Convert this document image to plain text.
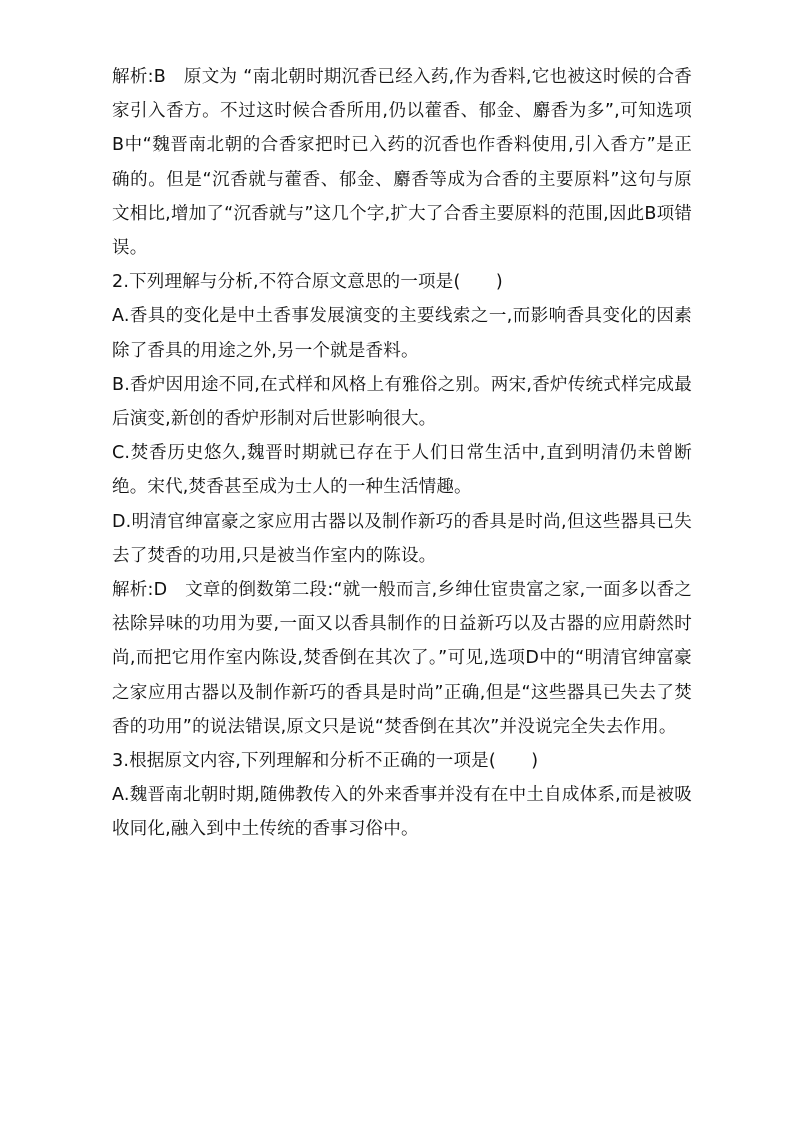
解析:B　原文为 “南北朝时期沉香已经入药,作为香料,它也被这时候的合香家引入香方。不过这时候合香所用,仍以藿香、郁金、麝香为多”,可知选项B中“魏晋南北朝的合香家把时已入药的沉香也作香料使用,引入香方”是正确的。但是“沉香就与藿香、郁金、麝香等成为合香的主要原料”这句与原文相比,增加了“沉香就与”这几个字,扩大了合香主要原料的范围,因此B项错误。

2.下列理解与分析,不符合原文意思的一项是(　　)

A.香具的变化是中土香事发展演变的主要线索之一,而影响香具变化的因素除了香具的用途之外,另一个就是香料。

B.香炉因用途不同,在式样和风格上有雅俗之别。两宋,香炉传统式样完成最后演变,新创的香炉形制对后世影响很大。

C.焚香历史悠久,魏晋时期就已存在于人们日常生活中,直到明清仍未曾断绝。宋代,焚香甚至成为士人的一种生活情趣。

D.明清官绅富豪之家应用古器以及制作新巧的香具是时尚,但这些器具已失去了焚香的功用,只是被当作室内的陈设。

解析:D　文章的倒数第二段:“就一般而言,乡绅仕宦贵富之家,一面多以香之祛除异味的功用为要,一面又以香具制作的日益新巧以及古器的应用蔚然时尚,而把它用作室内陈设,焚香倒在其次了。”可见,选项D中的“明清官绅富豪之家应用古器以及制作新巧的香具是时尚”正确,但是“这些器具已失去了焚香的功用”的说法错误,原文只是说“焚香倒在其次”并没说完全失去作用。

3.根据原文内容,下列理解和分析不正确的一项是(　　)

A.魏晋南北朝时期,随佛教传入的外来香事并没有在中土自成体系,而是被吸收同化,融入到中土传统的香事习俗中。
